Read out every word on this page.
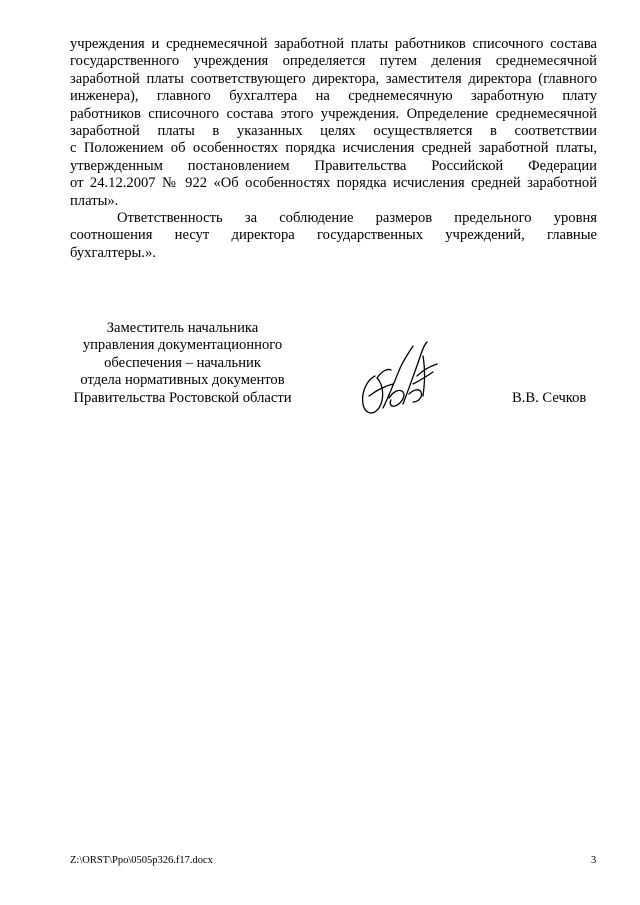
учреждения и среднемесячной заработной платы работников списочного состава
государственного учреждения определяется путем деления среднемесячной
заработной платы соответствующего директора, заместителя директора (главного
инженера), главного бухгалтера на среднемесячную заработную плату
работников списочного состава этого учреждения. Определение среднемесячной
заработной платы в указанных целях осуществляется в соответствии
с Положением об особенностях порядка исчисления средней заработной платы,
утвержденным постановлением Правительства Российской Федерации
от 24.12.2007 № 922 «Об особенностях порядка исчисления средней заработной
платы».
Ответственность за соблюдение размеров предельного уровня
соотношения несут директора государственных учреждений, главные
бухгалтеры.».
Заместитель начальника
управления документационного
обеспечения – начальник
отдела нормативных документов
Правительства Ростовской области	В.В. Сечков
Z:\ORST\Ppo\0505p326.f17.docx	3
